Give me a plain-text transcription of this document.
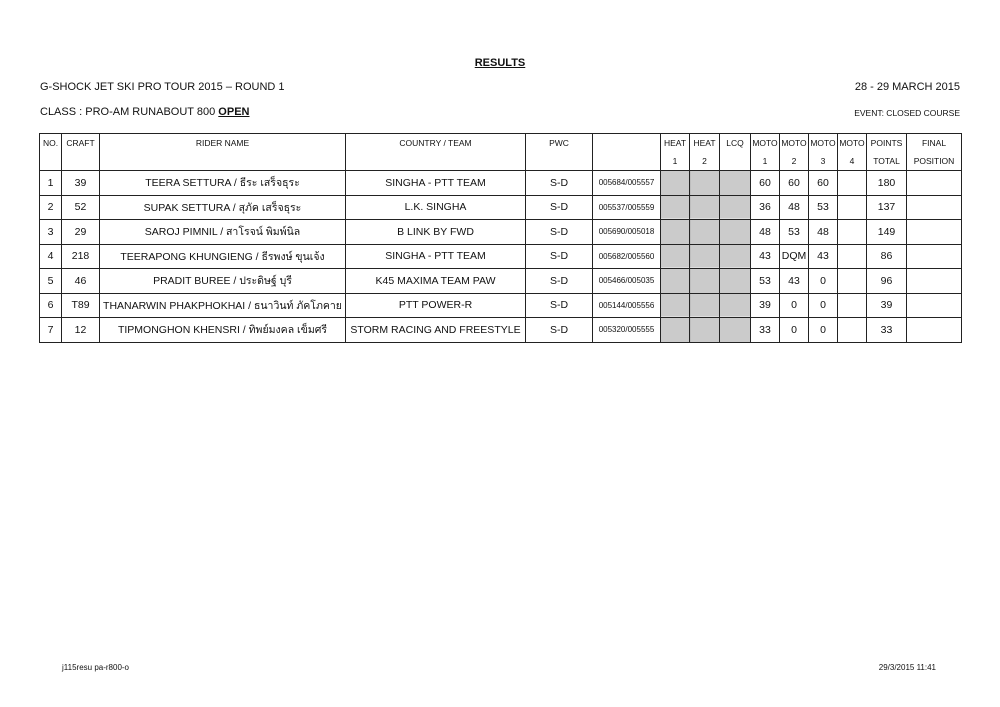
RESULTS
G-SHOCK JET SKI PRO TOUR 2015 – ROUND 1	28 - 29 MARCH 2015
CLASS : PRO-AM RUNABOUT 800 OPEN	EVENT: CLOSED COURSE
NO.	CRAFT	RIDER NAME	COUNTRY / TEAM	PWC		HEAT	HEAT	LCQ	MOTO	MOTO	MOTO	MOTO	POINTS	FINAL
						1	2		1	2	3	4	TOTAL	POSITION
1	39	TEERA SETTURA / ธีระ เสร็จธุระ	SINGHA - PTT TEAM	S-D	005684/005557				60	60	60		180	
2	52	SUPAK SETTURA / สุภัค เสร็จธุระ	L.K. SINGHA	S-D	005537/005559				36	48	53		137	
3	29	SAROJ PIMNIL / สาโรจน์ พิมพ์นิล	B LINK BY FWD	S-D	005690/005018				48	53	48		149	
4	218	TEERAPONG KHUNGIENG / ธีรพงษ์ ขุนเจ้ง	SINGHA - PTT TEAM	S-D	005682/005560				43	DQM	43		86	
5	46	PRADIT BUREE / ประดิษฐ์ บุรี	K45 MAXIMA TEAM PAW	S-D	005466/005035				53	43	0		96	
6	T89	THANARWIN PHAKPHOKHAI / ธนาวินท์ ภัคโภคาย	PTT POWER-R	S-D	005144/005556				39	0	0		39	
7	12	TIPMONGHON KHENSRI / ทิพย์มงคล เข็มศรี	STORM RACING AND FREESTYLE	S-D	005320/005555				33	0	0		33	
j115resu pa-r800-o	29/3/2015 11:41
